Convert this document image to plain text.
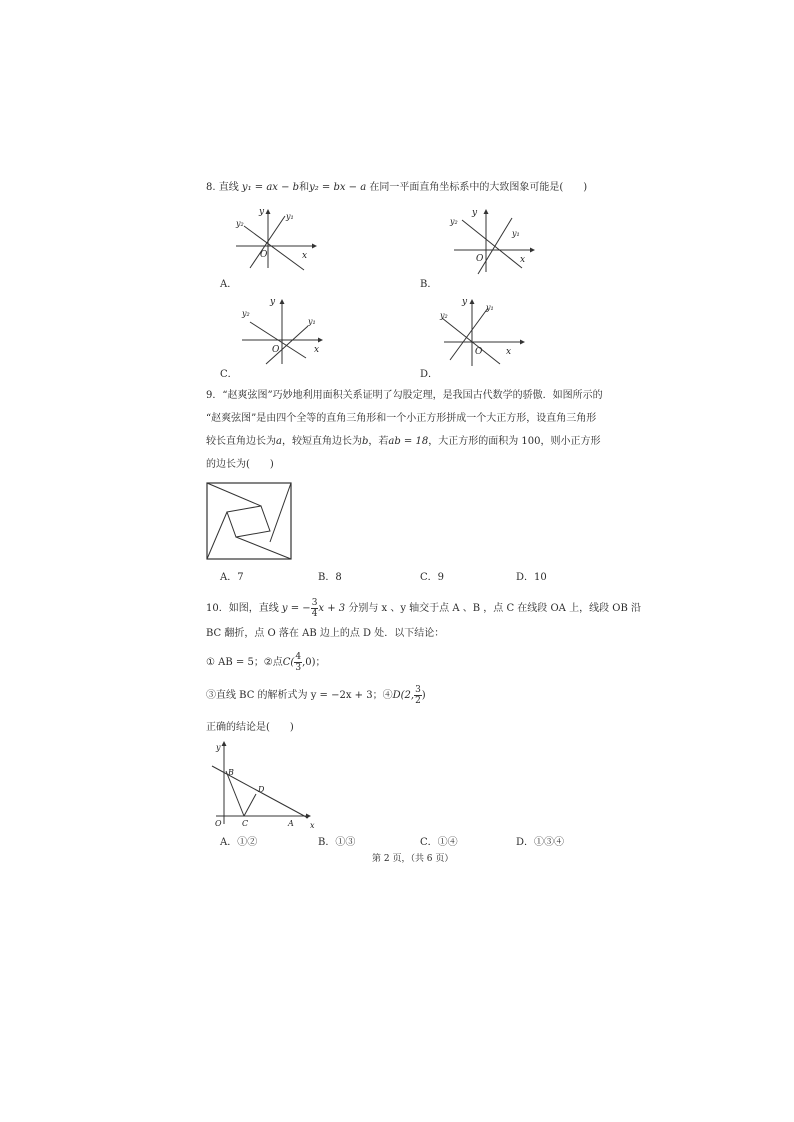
8. 直线 y₁ = ax − b和y₂ = bx − a 在同一平面直角坐标系中的大致图象可能是(　　)
y
x
O
y₁
y₂
A．
y
x
O
y₁
y₂
B．
y
x
O
y₁
y₂
C．
y
x
O
y₁
y₂
D．
9．“赵爽弦图”巧妙地利用面积关系证明了勾股定理，是我国古代数学的骄傲．如图所示的
“赵爽弦图”是由四个全等的直角三角形和一个小正方形拼成一个大正方形，设直角三角形
较长直角边长为a，较短直角边长为b，若ab = 18，大正方形的面积为 100，则小正方形
的边长为(　　)
A．7	B．8	C．9	D．10
10．如图，直线 y = − $\frac{3}{4}$ x + 3 分别与 x 、y 轴交于点 A 、B ，点 C 在线段 OA 上，线段 OB 沿
BC 翻折，点 O 落在 AB 边上的点 D 处．以下结论：
① AB = 5；②点$C( \frac{4}{3} ,0)$；
③直线 BC 的解析式为 y = −2x + 3；④D(2, $\frac{3}{2}$ )
正确的结论是(　　)
y
x
O
B
D
C	A
A．①②	B．①③	C．①④	D．①③④
第 2 页，（共 6 页）
